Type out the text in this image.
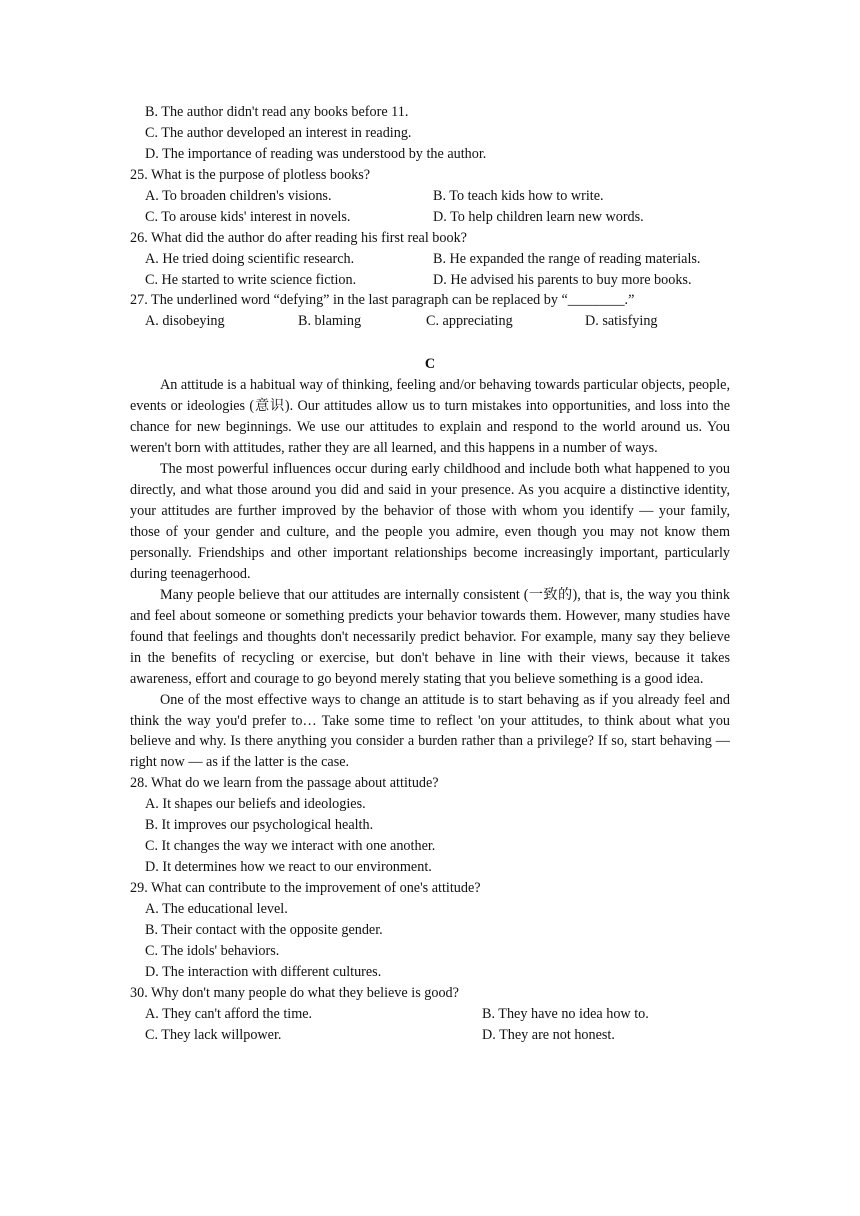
B. The author didn't read any books before 11.
C. The author developed an interest in reading.
D. The importance of reading was understood by the author.
25. What is the purpose of plotless books?
A. To broaden children's visions.	B. To teach kids how to write.
C. To arouse kids' interest in novels.	D. To help children learn new words.
26. What did the author do after reading his first real book?
A. He tried doing scientific research.	B. He expanded the range of reading materials.
C. He started to write science fiction.	D. He advised his parents to buy more books.
27. The underlined word “defying” in the last paragraph can be replaced by “________.”
A. disobeying	B. blaming	C. appreciating	D. satisfying
C

An attitude is a habitual way of thinking, feeling and/or behaving towards particular objects, people, events or ideologies (意识). Our attitudes allow us to turn mistakes into opportunities, and loss into the chance for new beginnings. We use our attitudes to explain and respond to the world around us. You weren't born with attitudes, rather they are all learned, and this happens in a number of ways.

The most powerful influences occur during early childhood and include both what happened to you directly, and what those around you did and said in your presence. As you acquire a distinctive identity, your attitudes are further improved by the behavior of those with whom you identify — your family, those of your gender and culture, and the people you admire, even though you may not know them personally. Friendships and other important relationships become increasingly important, particularly during teenagerhood.

Many people believe that our attitudes are internally consistent (一致的), that is, the way you think and feel about someone or something predicts your behavior towards them. However, many studies have found that feelings and thoughts don't necessarily predict behavior. For example, many say they believe in the benefits of recycling or exercise, but don't behave in line with their views, because it takes awareness, effort and courage to go beyond merely stating that you believe something is a good idea.

One of the most effective ways to change an attitude is to start behaving as if you already feel and think the way you'd prefer to… Take some time to reflect 'on your attitudes, to think about what you believe and why. Is there anything you consider a burden rather than a privilege? If so, start behaving — right now — as if the latter is the case.

28. What do we learn from the passage about attitude?
A. It shapes our beliefs and ideologies.
B. It improves our psychological health.
C. It changes the way we interact with one another.
D. It determines how we react to our environment.
29. What can contribute to the improvement of one's attitude?
A. The educational level.
B. Their contact with the opposite gender.
C. The idols' behaviors.
D. The interaction with different cultures.
30. Why don't many people do what they believe is good?
A. They can't afford the time.	B. They have no idea how to.
C. They lack willpower.	D. They are not honest.
